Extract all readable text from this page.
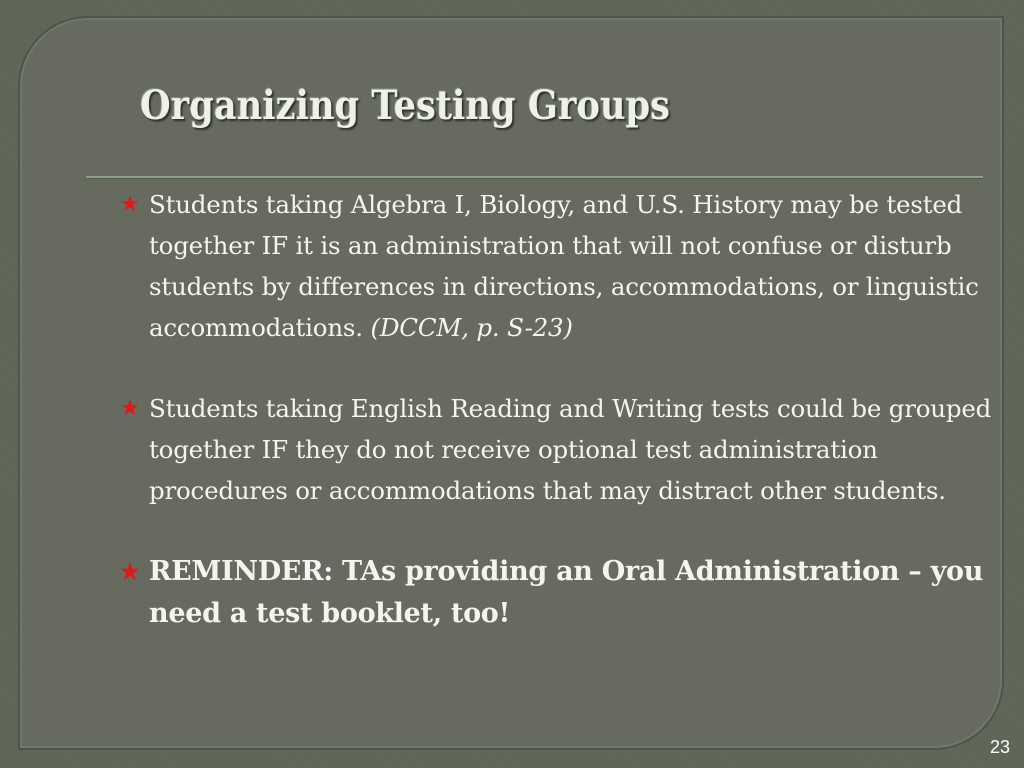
Organizing Testing Groups
★ Students taking Algebra I, Biology, and U.S. History may be tested together IF it is an administration that will not confuse or disturb students by differences in directions, accommodations, or linguistic accommodations. (DCCM, p. S-23)
★ Students taking English Reading and Writing tests could be grouped together IF they do not receive optional test administration procedures or accommodations that may distract other students.
★ REMINDER: TAs providing an Oral Administration – you need a test booklet, too!
23
